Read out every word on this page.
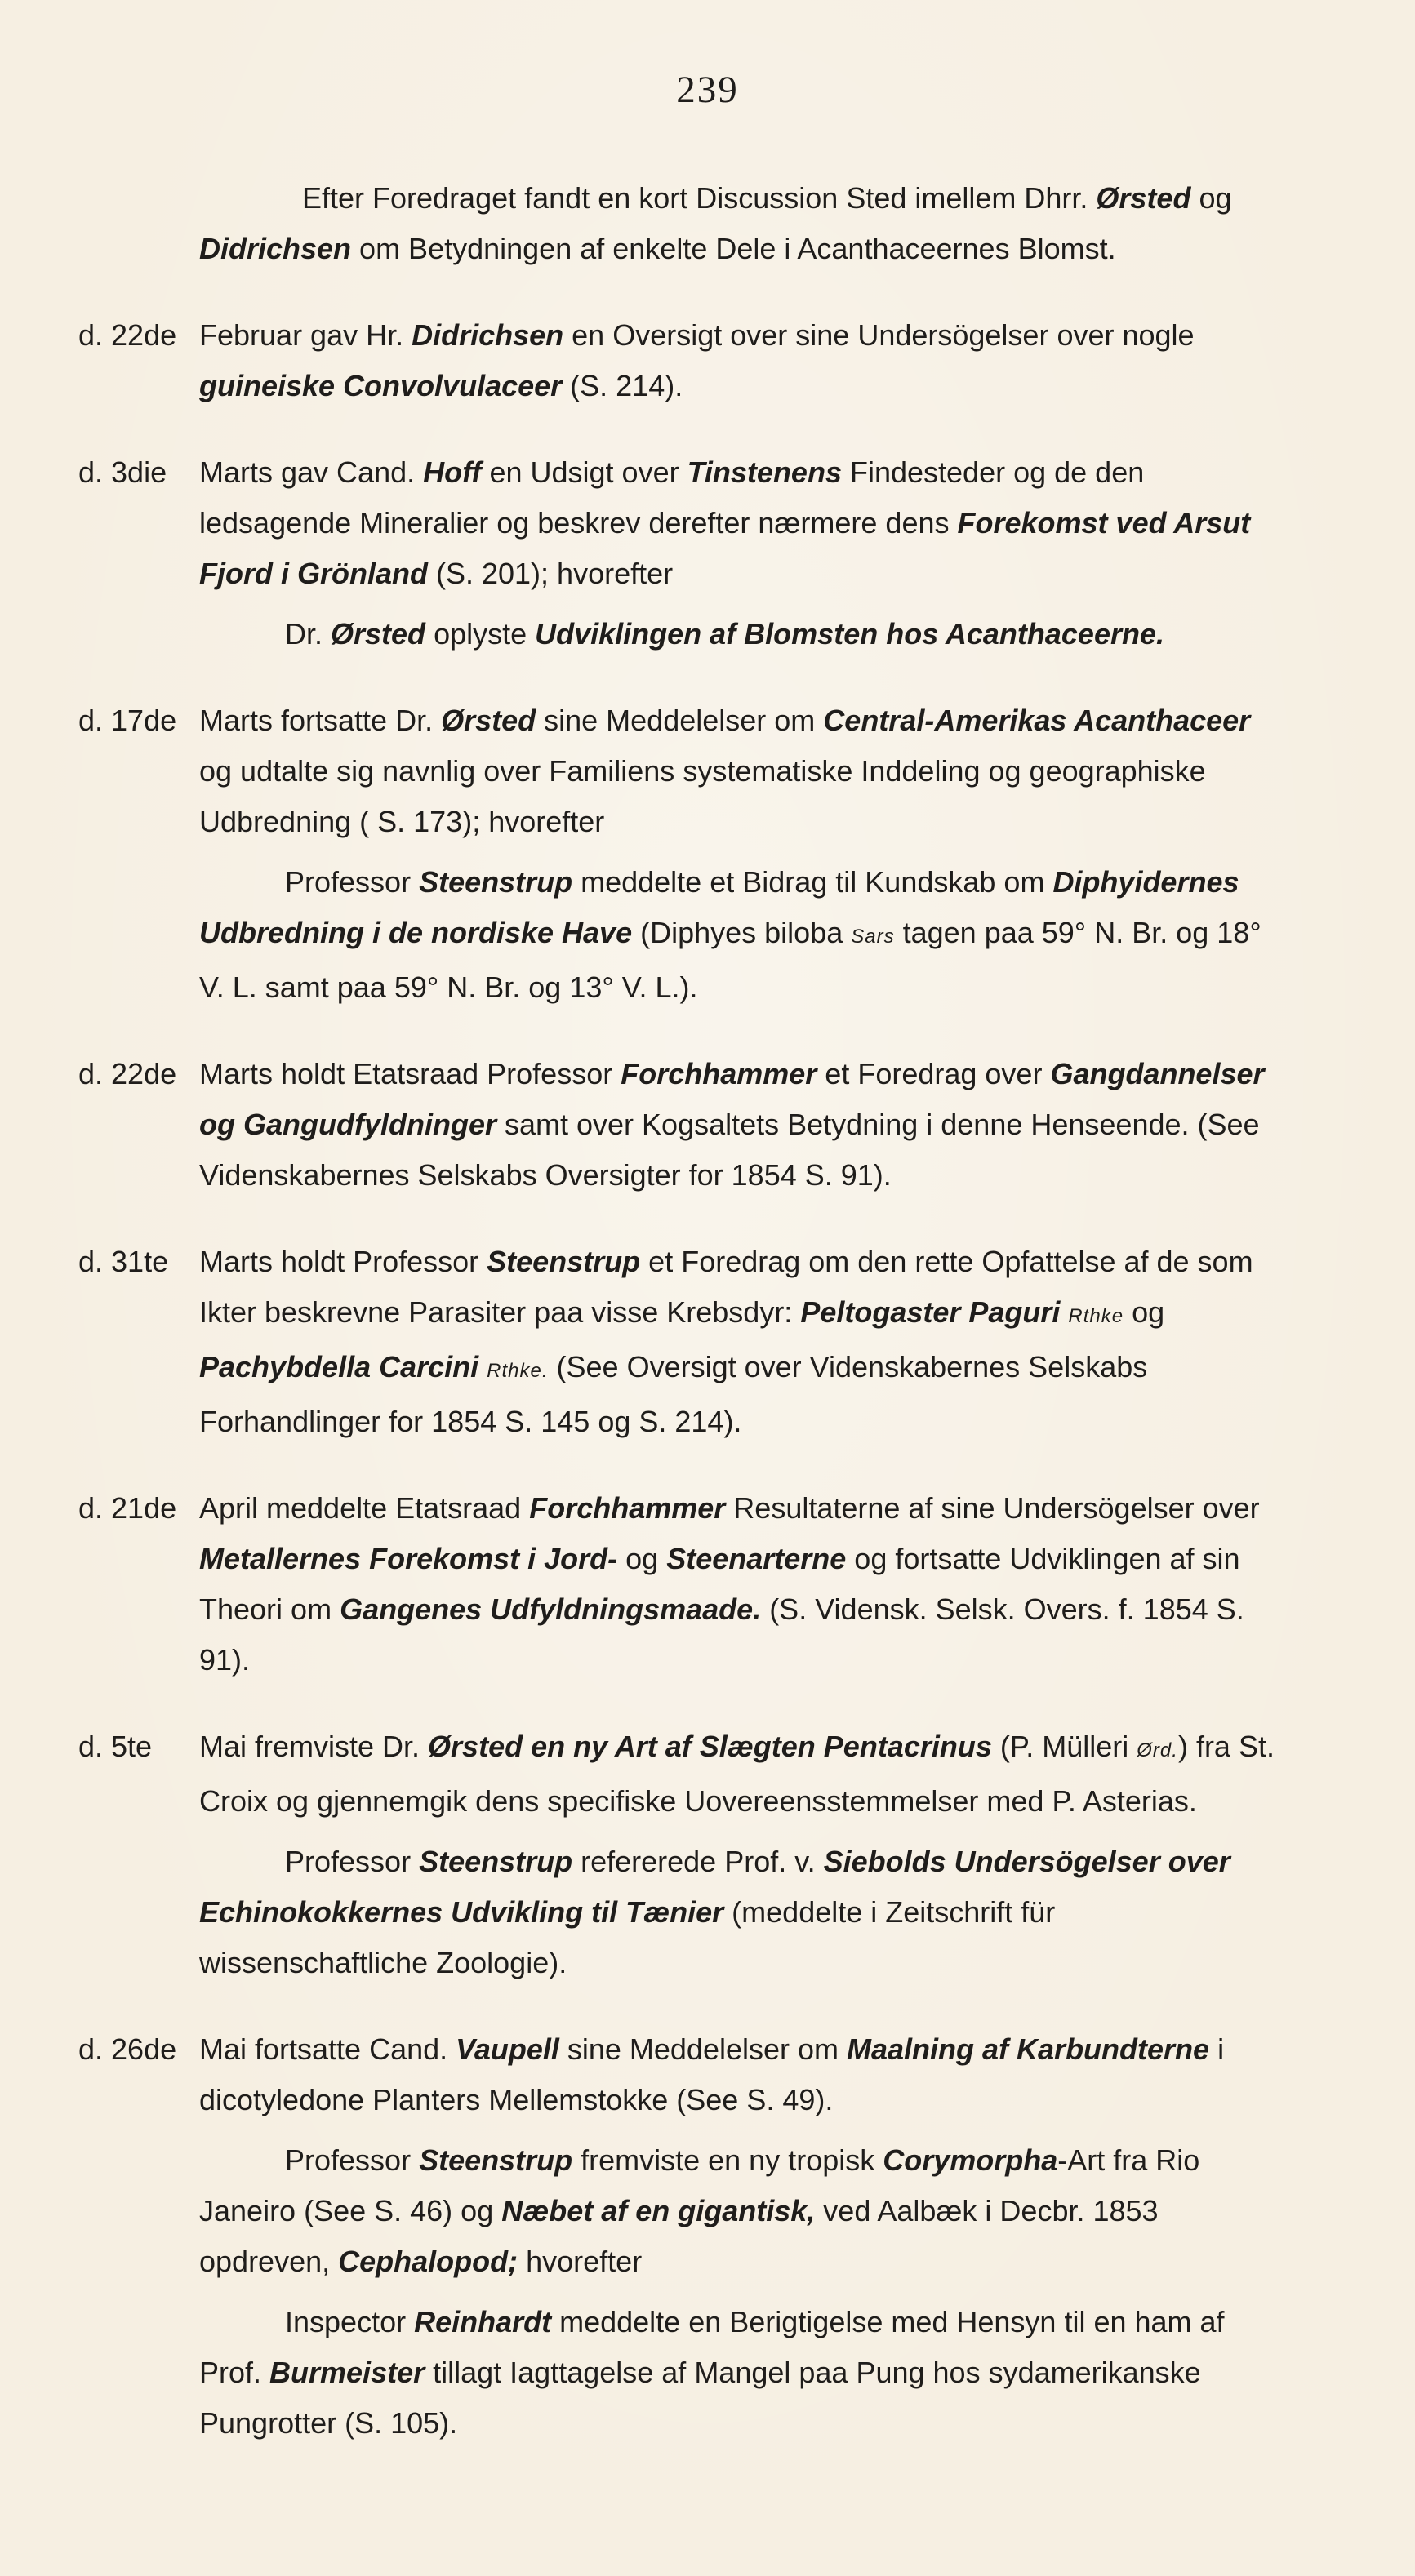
239

Efter Foredraget fandt en kort Discussion Sted imellem Dhrr. Ørsted og Didrichsen om Betydningen af enkelte Dele i Acanthaceernes Blomst.

d. 22de Februar gav Hr. Didrichsen en Oversigt over sine Undersögelser over nogle guineiske Convolvulaceer (S. 214).

d. 3die Marts gav Cand. Hoff en Udsigt over Tinstenens Findesteder og de den ledsagende Mineralier og beskrev derefter nærmere dens Forekomst ved Arsut Fjord i Grönland (S. 201); hvorefter

Dr. Ørsted oplyste Udviklingen af Blomsten hos Acanthaceerne.

d. 17de Marts fortsatte Dr. Ørsted sine Meddelelser om Central-Amerikas Acanthaceer og udtalte sig navnlig over Familiens systematiske Inddeling og geographiske Udbredning ( S. 173); hvorefter

Professor Steenstrup meddelte et Bidrag til Kundskab om Diphyidernes Udbredning i de nordiske Have (Diphyes biloba Sars tagen paa 59° N. Br. og 18° V. L. samt paa 59° N. Br. og 13° V. L.).

d. 22de Marts holdt Etatsraad Professor Forchhammer et Foredrag over Gangdannelser og Gangudfyldninger samt over Kogsaltets Betydning i denne Henseende. (See Videnskabernes Selskabs Oversigter for 1854 S. 91).

d. 31te Marts holdt Professor Steenstrup et Foredrag om den rette Opfattelse af de som Ikter beskrevne Parasiter paa visse Krebsdyr: Peltogaster Paguri Rthke og Pachybdella Carcini Rthke. (See Oversigt over Videnskabernes Selskabs Forhandlinger for 1854 S. 145 og S. 214).

d. 21de April meddelte Etatsraad Forchhammer Resultaterne af sine Undersögelser over Metallernes Forekomst i Jord- og Steenarterne og fortsatte Udviklingen af sin Theori om Gangenes Udfyldningsmaade. (S. Vidensk. Selsk. Overs. f. 1854 S. 91).

d. 5te Mai fremviste Dr. Ørsted en ny Art af Slægten Pentacrinus (P. Mülleri Ørd.) fra St. Croix og gjennemgik dens specifiske Uovereensstemmelser med P. Asterias.

Professor Steenstrup refererede Prof. v. Siebolds Undersögelser over Echinokokkernes Udvikling til Tænier (meddelte i Zeitschrift für wissenschaftliche Zoologie).

d. 26de Mai fortsatte Cand. Vaupell sine Meddelelser om Maalning af Karbundterne i dicotyledone Planters Mellemstokke (See S. 49).

Professor Steenstrup fremviste en ny tropisk Corymorpha-Art fra Rio Janeiro (See S. 46) og Næbet af en gigantisk, ved Aalbæk i Decbr. 1853 opdreven, Cephalopod; hvorefter

Inspector Reinhardt meddelte en Berigtigelse med Hensyn til en ham af Prof. Burmeister tillagt Iagttagelse af Mangel paa Pung hos sydamerikanske Pungrotter (S. 105).
